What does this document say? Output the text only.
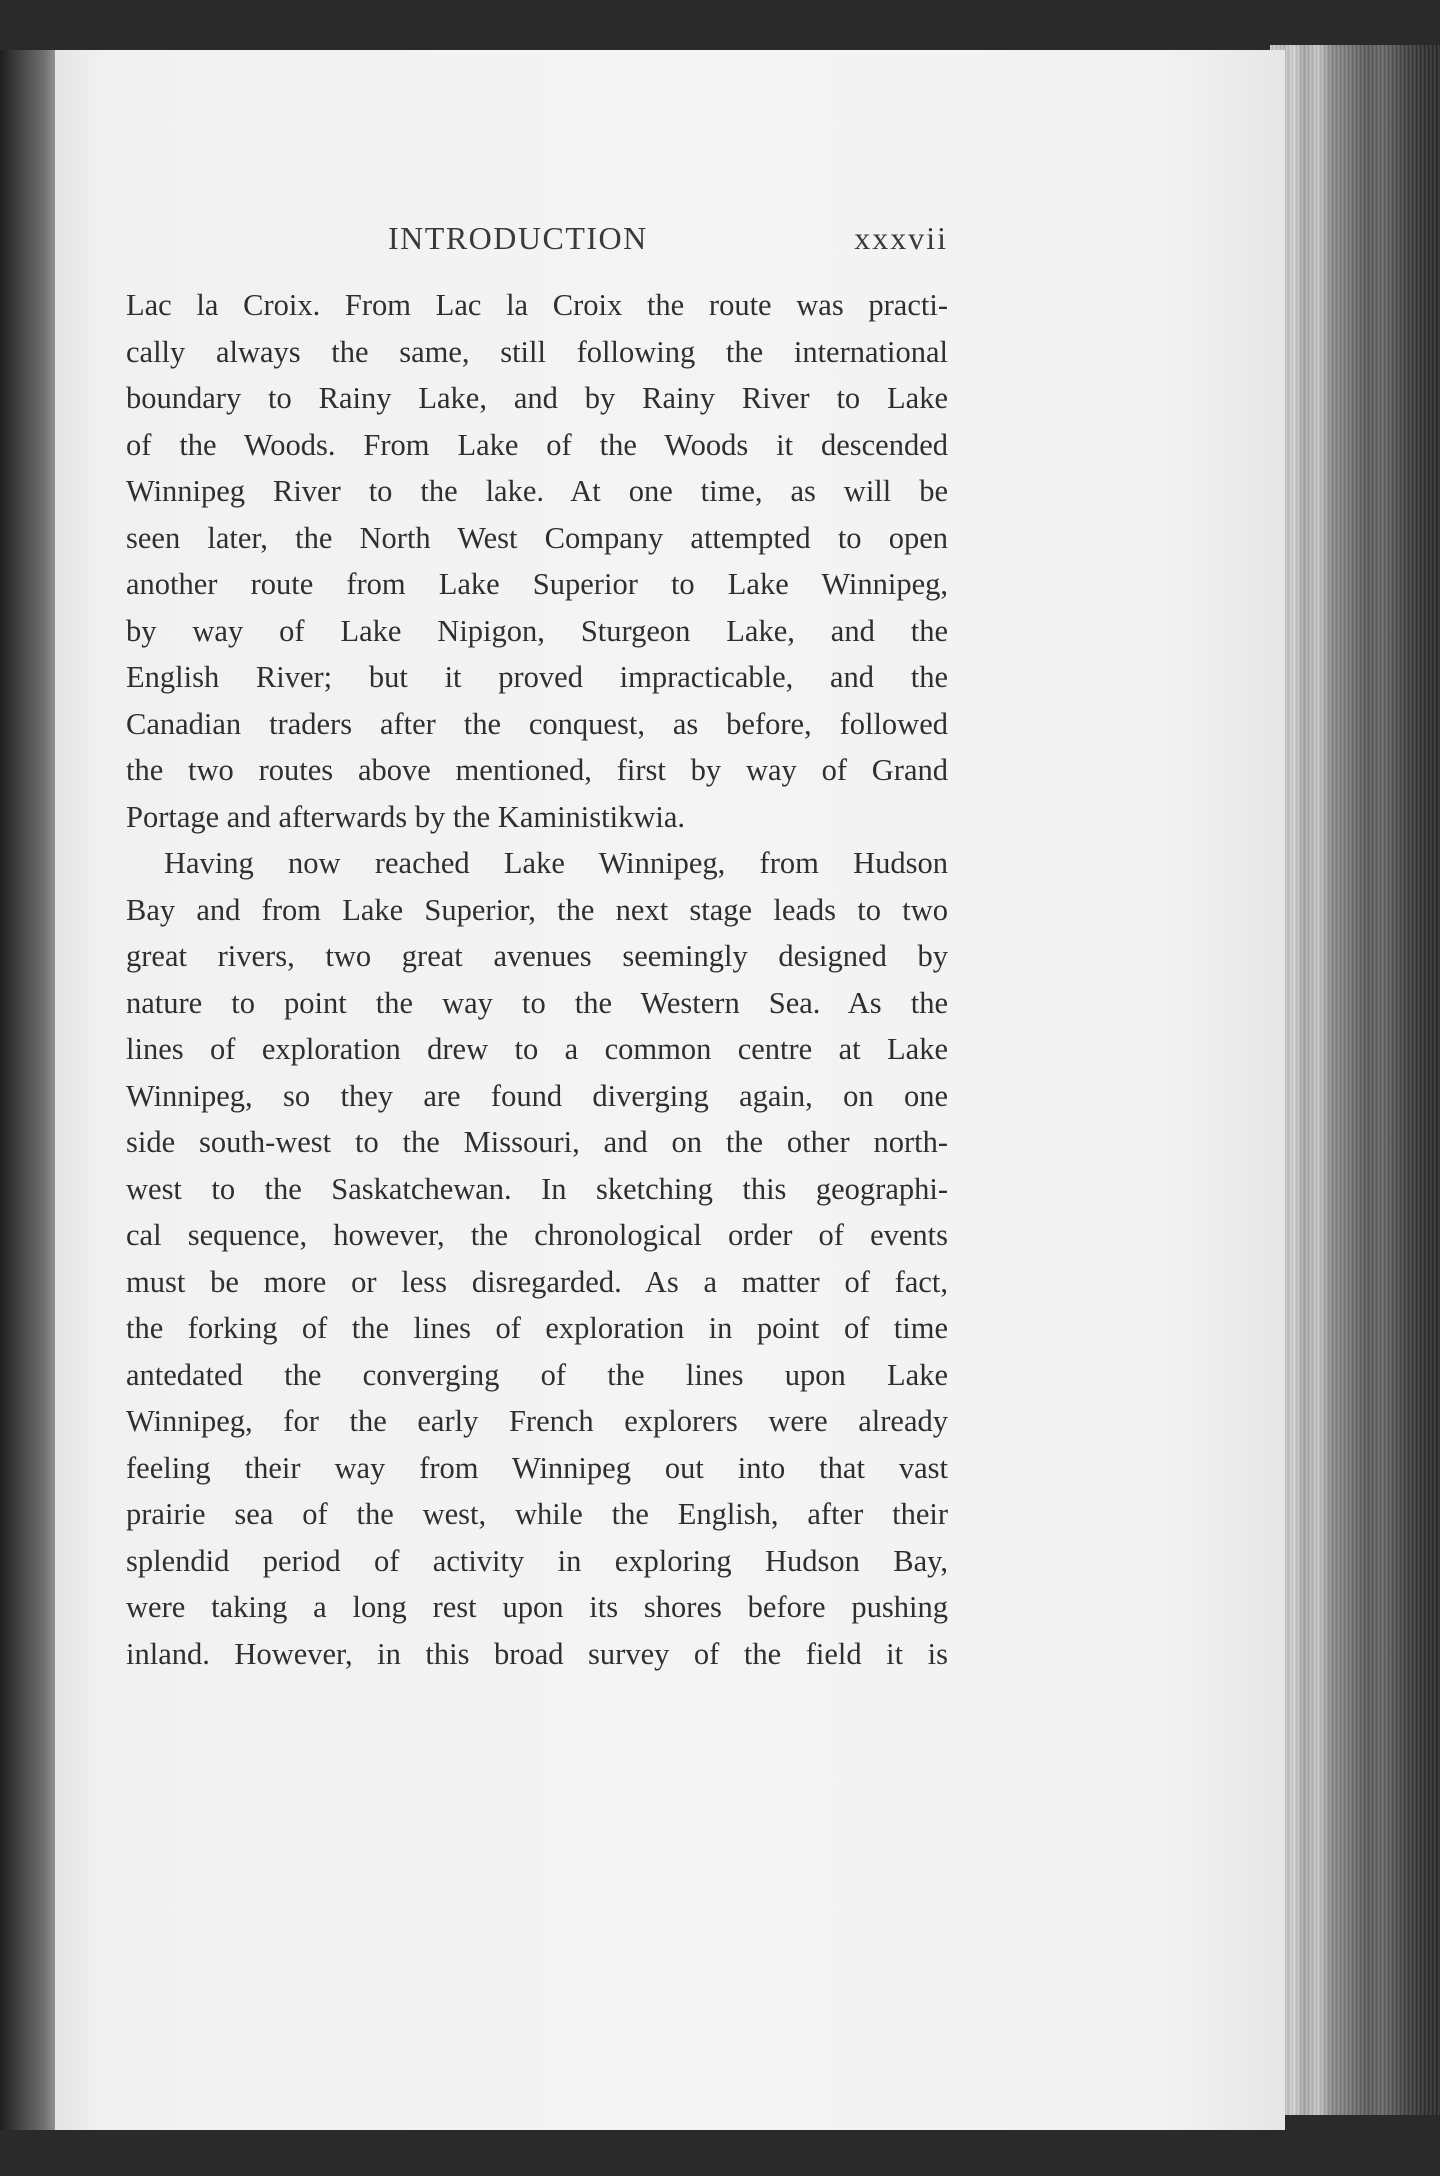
INTRODUCTION	xxxvii
Lac la Croix. From Lac la Croix the route was practi-
cally always the same, still following the international
boundary to Rainy Lake, and by Rainy River to Lake
of the Woods. From Lake of the Woods it descended
Winnipeg River to the lake. At one time, as will be
seen later, the North West Company attempted to open
another route from Lake Superior to Lake Winnipeg,
by way of Lake Nipigon, Sturgeon Lake, and the
English River; but it proved impracticable, and the
Canadian traders after the conquest, as before, followed
the two routes above mentioned, first by way of Grand
Portage and afterwards by the Kaministikwia.
Having now reached Lake Winnipeg, from Hudson
Bay and from Lake Superior, the next stage leads to two
great rivers, two great avenues seemingly designed by
nature to point the way to the Western Sea. As the
lines of exploration drew to a common centre at Lake
Winnipeg, so they are found diverging again, on one
side south-west to the Missouri, and on the other north-
west to the Saskatchewan. In sketching this geographi-
cal sequence, however, the chronological order of events
must be more or less disregarded. As a matter of fact,
the forking of the lines of exploration in point of time
antedated the converging of the lines upon Lake
Winnipeg, for the early French explorers were already
feeling their way from Winnipeg out into that vast
prairie sea of the west, while the English, after their
splendid period of activity in exploring Hudson Bay,
were taking a long rest upon its shores before pushing
inland. However, in this broad survey of the field it is
